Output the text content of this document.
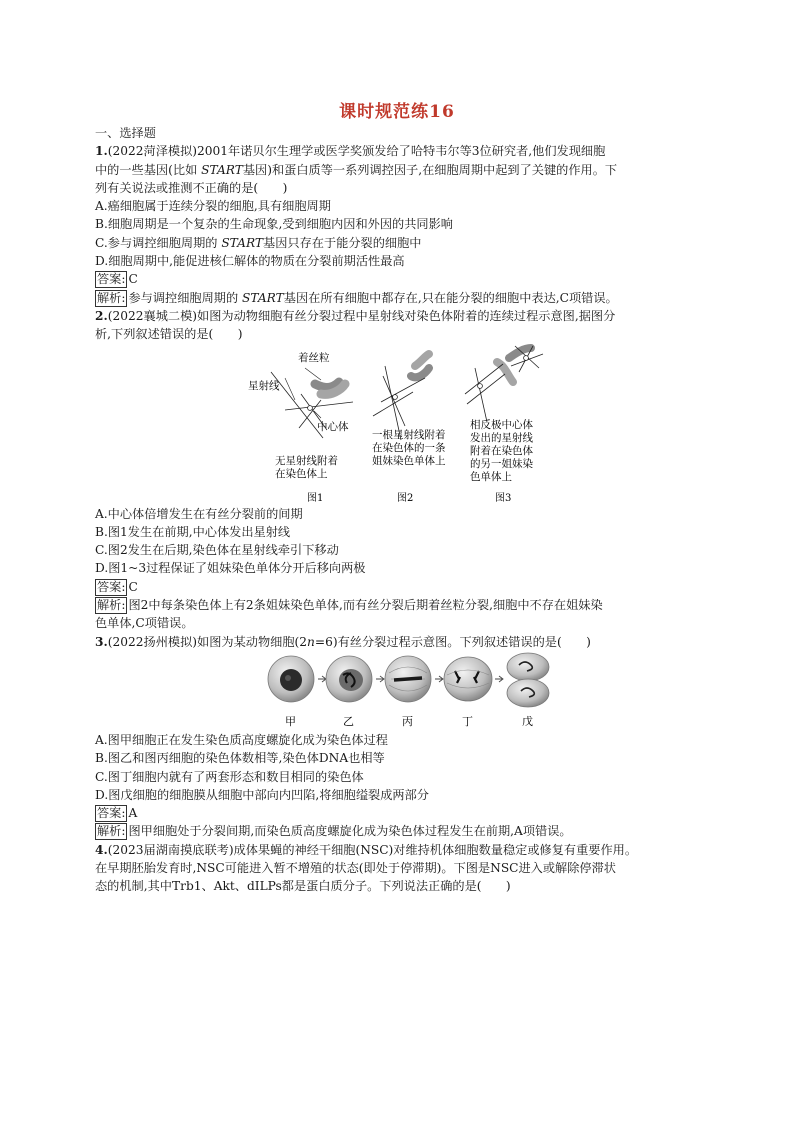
课时规范练16

一、选择题

1.(2022菏泽模拟)2001年诺贝尔生理学或医学奖颁发给了哈特韦尔等3位研究者,他们发现细胞

中的一些基因(比如 START基因)和蛋白质等一系列调控因子,在细胞周期中起到了关键的作用。下

列有关说法或推测不正确的是(　　)

A.癌细胞属于连续分裂的细胞,具有细胞周期

B.细胞周期是一个复杂的生命现象,受到细胞内因和外因的共同影响

C.参与调控细胞周期的 START基因只存在于能分裂的细胞中

D.细胞周期中,能促进核仁解体的物质在分裂前期活性最高

答案: C

解析: 参与调控细胞周期的 START基因在所有细胞中都存在,只在能分裂的细胞中表达,C项错误。

2.(2022襄城二模)如图为动物细胞有丝分裂过程中星射线对染色体附着的连续过程示意图,据图分

析,下列叙述错误的是(　　)

着丝粒
星射线
中心体
无星射线附着
在染色体上
图1
一根星射线附着
在染色体的一条
姐妹染色单体上
图2
相反极中心体
发出的星射线
附着在染色体
的另一姐妹染
色单体上
图3

A.中心体倍增发生在有丝分裂前的间期

B.图1发生在前期,中心体发出星射线

C.图2发生在后期,染色体在星射线牵引下移动

D.图1~3过程保证了姐妹染色单体分开后移向两极

答案: C

解析: 图2中每条染色体上有2条姐妹染色单体,而有丝分裂后期着丝粒分裂,细胞中不存在姐妹染

色单体,C项错误。

3.(2022扬州模拟)如图为某动物细胞(2n=6)有丝分裂过程示意图。下列叙述错误的是(　　)

甲	乙	丙	丁	戊

A.图甲细胞正在发生染色质高度螺旋化成为染色体过程

B.图乙和图丙细胞的染色体数相等,染色体DNA也相等

C.图丁细胞内就有了两套形态和数目相同的染色体

D.图戊细胞的细胞膜从细胞中部向内凹陷,将细胞缢裂成两部分

答案: A

解析: 图甲细胞处于分裂间期,而染色质高度螺旋化成为染色体过程发生在前期,A项错误。

4.(2023届湖南摸底联考)成体果蝇的神经干细胞(NSC)对维持机体细胞数量稳定或修复有重要作用。

在早期胚胎发育时,NSC可能进入暂不增殖的状态(即处于停滞期)。下图是NSC进入或解除停滞状

态的机制,其中Trb1、Akt、dILPs都是蛋白质分子。下列说法正确的是(　　)
